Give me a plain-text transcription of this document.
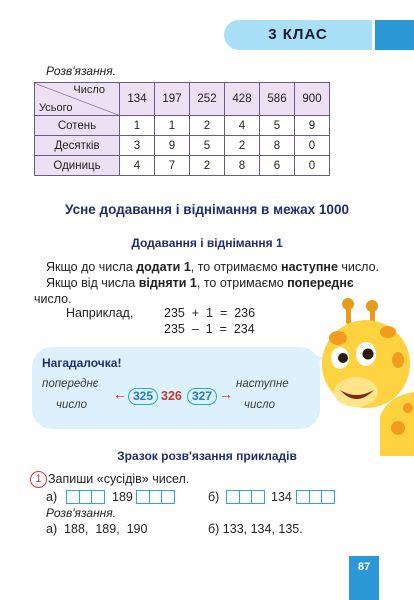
3 КЛАС
Розв'язання.
Число
Усього	134	197	252	428	586	900
Сотень	1	1	2	4	5	9
Десятків	3	9	5	2	8	0
Одиниць	4	7	2	8	6	0
Усне додавання і віднімання в межах 1000
Додавання і віднімання 1
Якщо до числа додати 1, то отримаємо наступне число.
Якщо від числа відняти 1, то отримаємо попереднє
число.
Наприклад, 235  +  1  =  236
235  –  1  =  234
Нагадалочка!
попереднє
число
← 325 326 327 →
наступне
число
Зразок розв'язання прикладів
1 Запиши «сусідів» чисел.
а)	189	б)	134
Розв'язання.
а)  188,  189,  190	б) 133, 134, 135.
87
